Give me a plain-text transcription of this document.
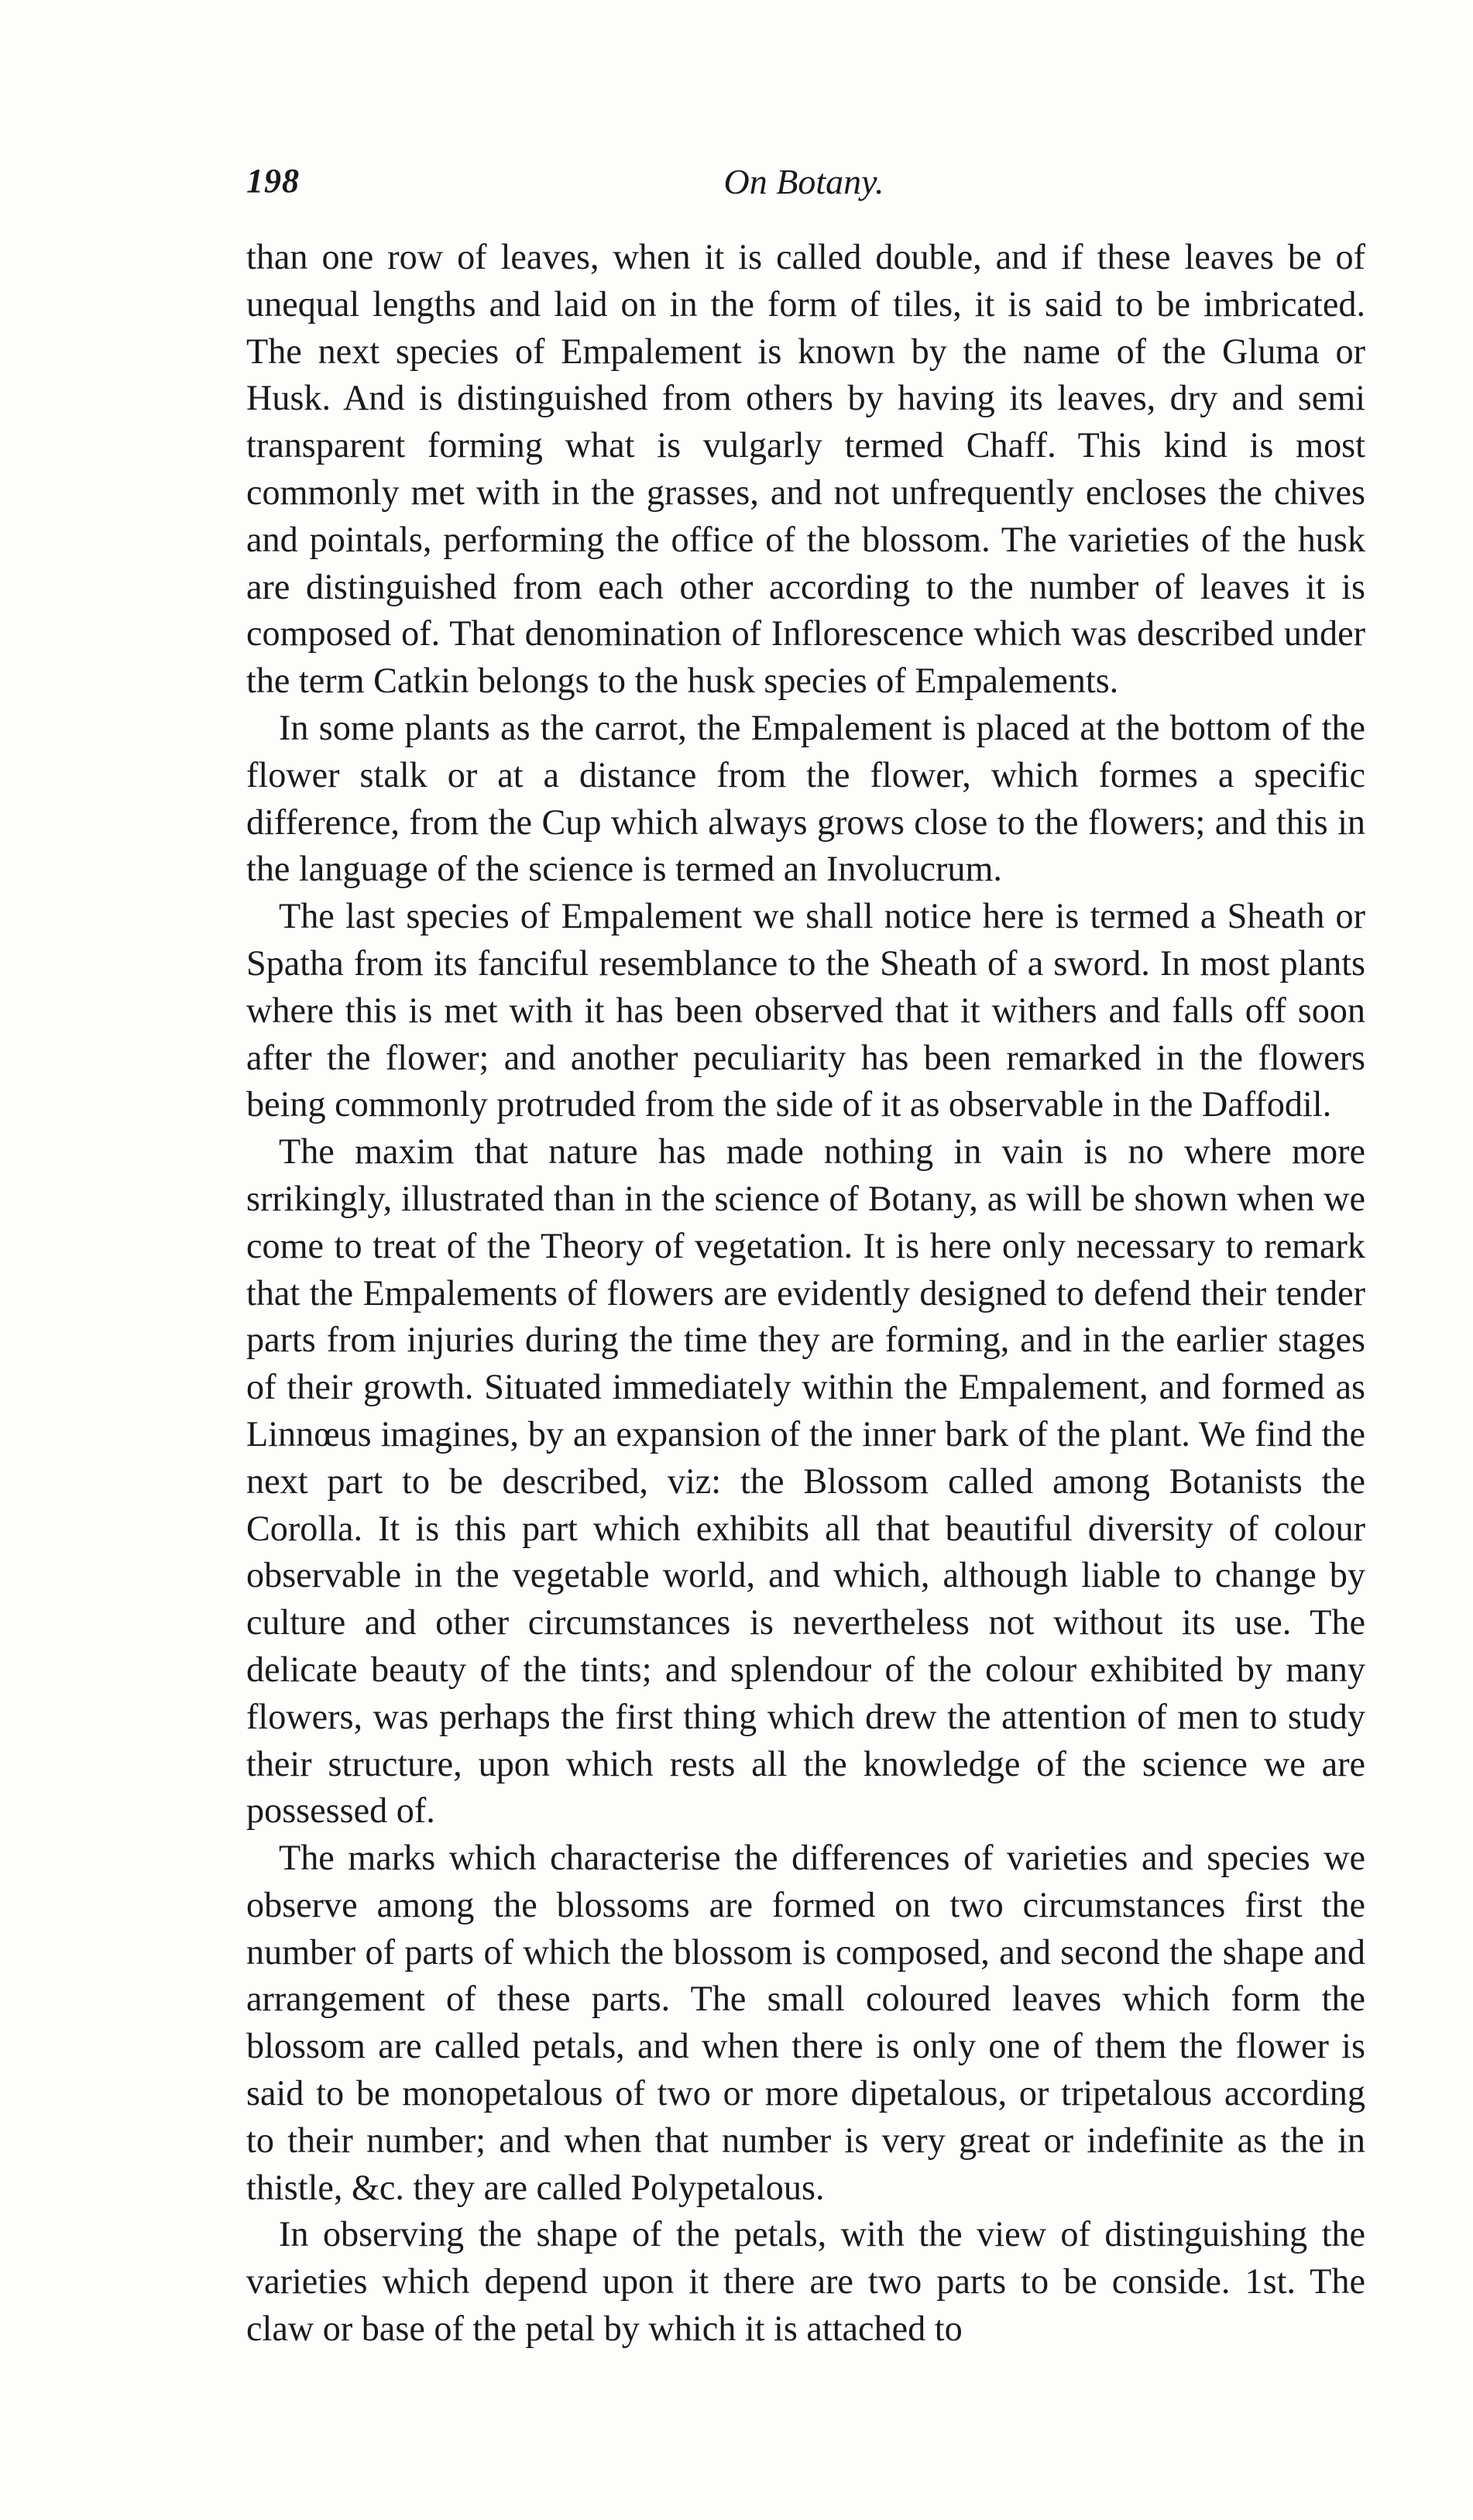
198	On Botany.

than one row of leaves, when it is called double, and if these leaves be of unequal lengths and laid on in the form of tiles, it is said to be imbricated. The next species of Empalement is known by the name of the Gluma or Husk. And is distinguished from others by having its leaves, dry and semi transparent forming what is vulgarly termed Chaff. This kind is most commonly met with in the grasses, and not unfrequently encloses the chives and pointals, performing the office of the blossom. The varieties of the husk are distinguished from each other according to the number of leaves it is composed of. That denomination of Inflorescence which was described under the term Catkin belongs to the husk species of Empalements.

In some plants as the carrot, the Empalement is placed at the bottom of the flower stalk or at a distance from the flower, which formes a specific difference, from the Cup which always grows close to the flowers; and this in the language of the science is termed an Involucrum.

The last species of Empalement we shall notice here is termed a Sheath or Spatha from its fanciful resemblance to the Sheath of a sword. In most plants where this is met with it has been observed that it withers and falls off soon after the flower; and another peculiarity has been remarked in the flowers being commonly protruded from the side of it as observable in the Daffodil.

The maxim that nature has made nothing in vain is no where more srrikingly, illustrated than in the science of Botany, as will be shown when we come to treat of the Theory of vegetation. It is here only necessary to remark that the Empalements of flowers are evidently designed to defend their tender parts from injuries during the time they are forming, and in the earlier stages of their growth. Situated immediately within the Empalement, and formed as Linnœus imagines, by an expansion of the inner bark of the plant. We find the next part to be described, viz: the Blossom called among Botanists the Corolla. It is this part which exhibits all that beautiful diversity of colour observable in the vegetable world, and which, although liable to change by culture and other circumstances is nevertheless not without its use. The delicate beauty of the tints; and splendour of the colour exhibited by many flowers, was perhaps the first thing which drew the attention of men to study their structure, upon which rests all the knowledge of the science we are possessed of.

The marks which characterise the differences of varieties and species we observe among the blossoms are formed on two circumstances first the number of parts of which the blossom is composed, and second the shape and arrangement of these parts. The small coloured leaves which form the blossom are called petals, and when there is only one of them the flower is said to be monopetalous of two or more dipetalous, or tripetalous according to their number; and when that number is very great or indefinite as the in thistle, &c. they are called Polypetalous.

In observing the shape of the petals, with the view of distinguishing the varieties which depend upon it there are two parts to be conside. 1st. The claw or base of the petal by which it is attached to
